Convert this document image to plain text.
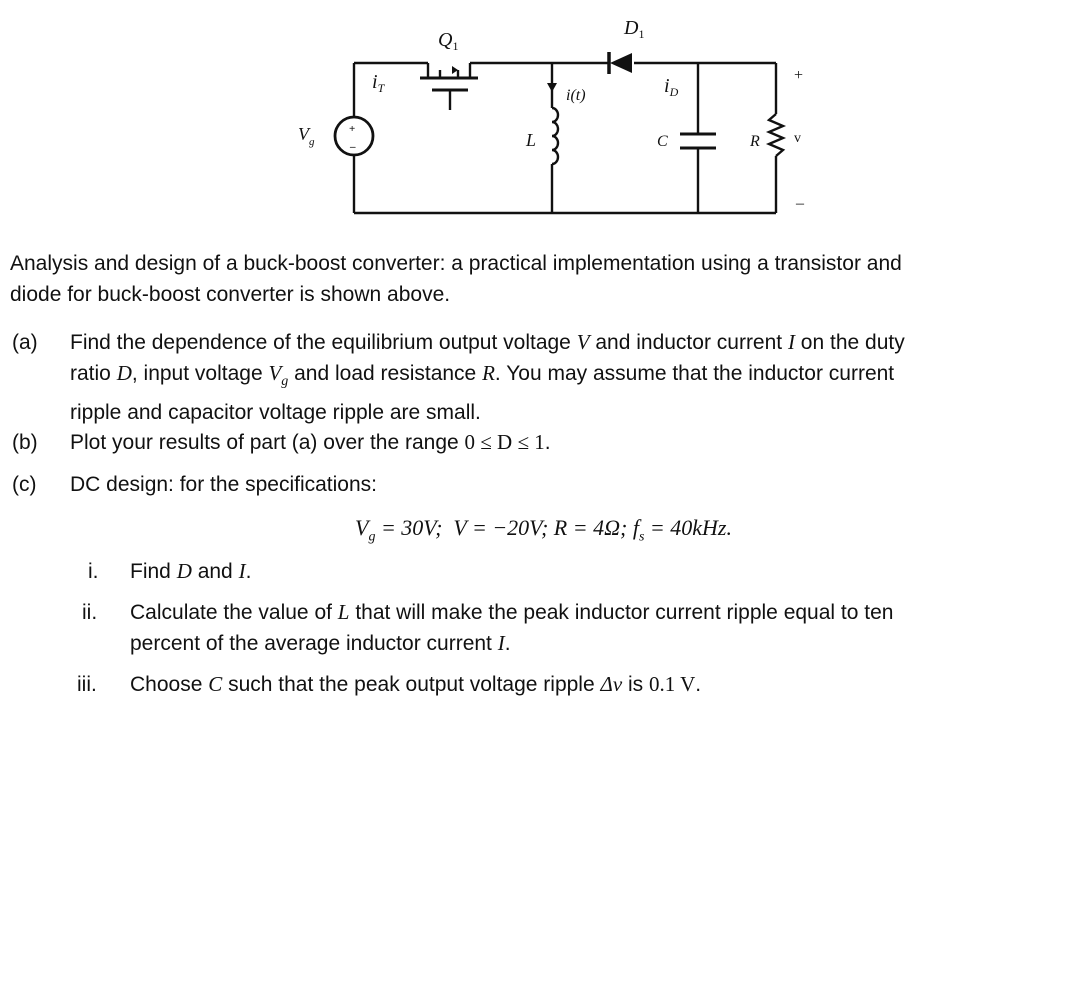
$Q_1$
$D_1$
$i_T$	i(t)	$i_D$
$V_g$	L	C	R v
+
–
+
–
Analysis and design of a buck-boost converter: a practical implementation using a transistor and
diode for buck-boost converter is shown above.
(a) Find the dependence of the equilibrium output voltage V and inductor current I on the duty
ratio D, input voltage $V_g$ and load resistance R. You may assume that the inductor current
ripple and capacitor voltage ripple are small.
(b) Plot your results of part (a) over the range 0 ≤ D ≤ 1.
(c) DC design: for the specifications:
$V_g = 30V$;  V = −20V; R = 4Ω; $f_s = 40kHz$.
i. Find D and I.
ii. Calculate the value of L that will make the peak inductor current ripple equal to ten
percent of the average inductor current I.
iii. Choose C such that the peak output voltage ripple Δv is 0.1 V.
